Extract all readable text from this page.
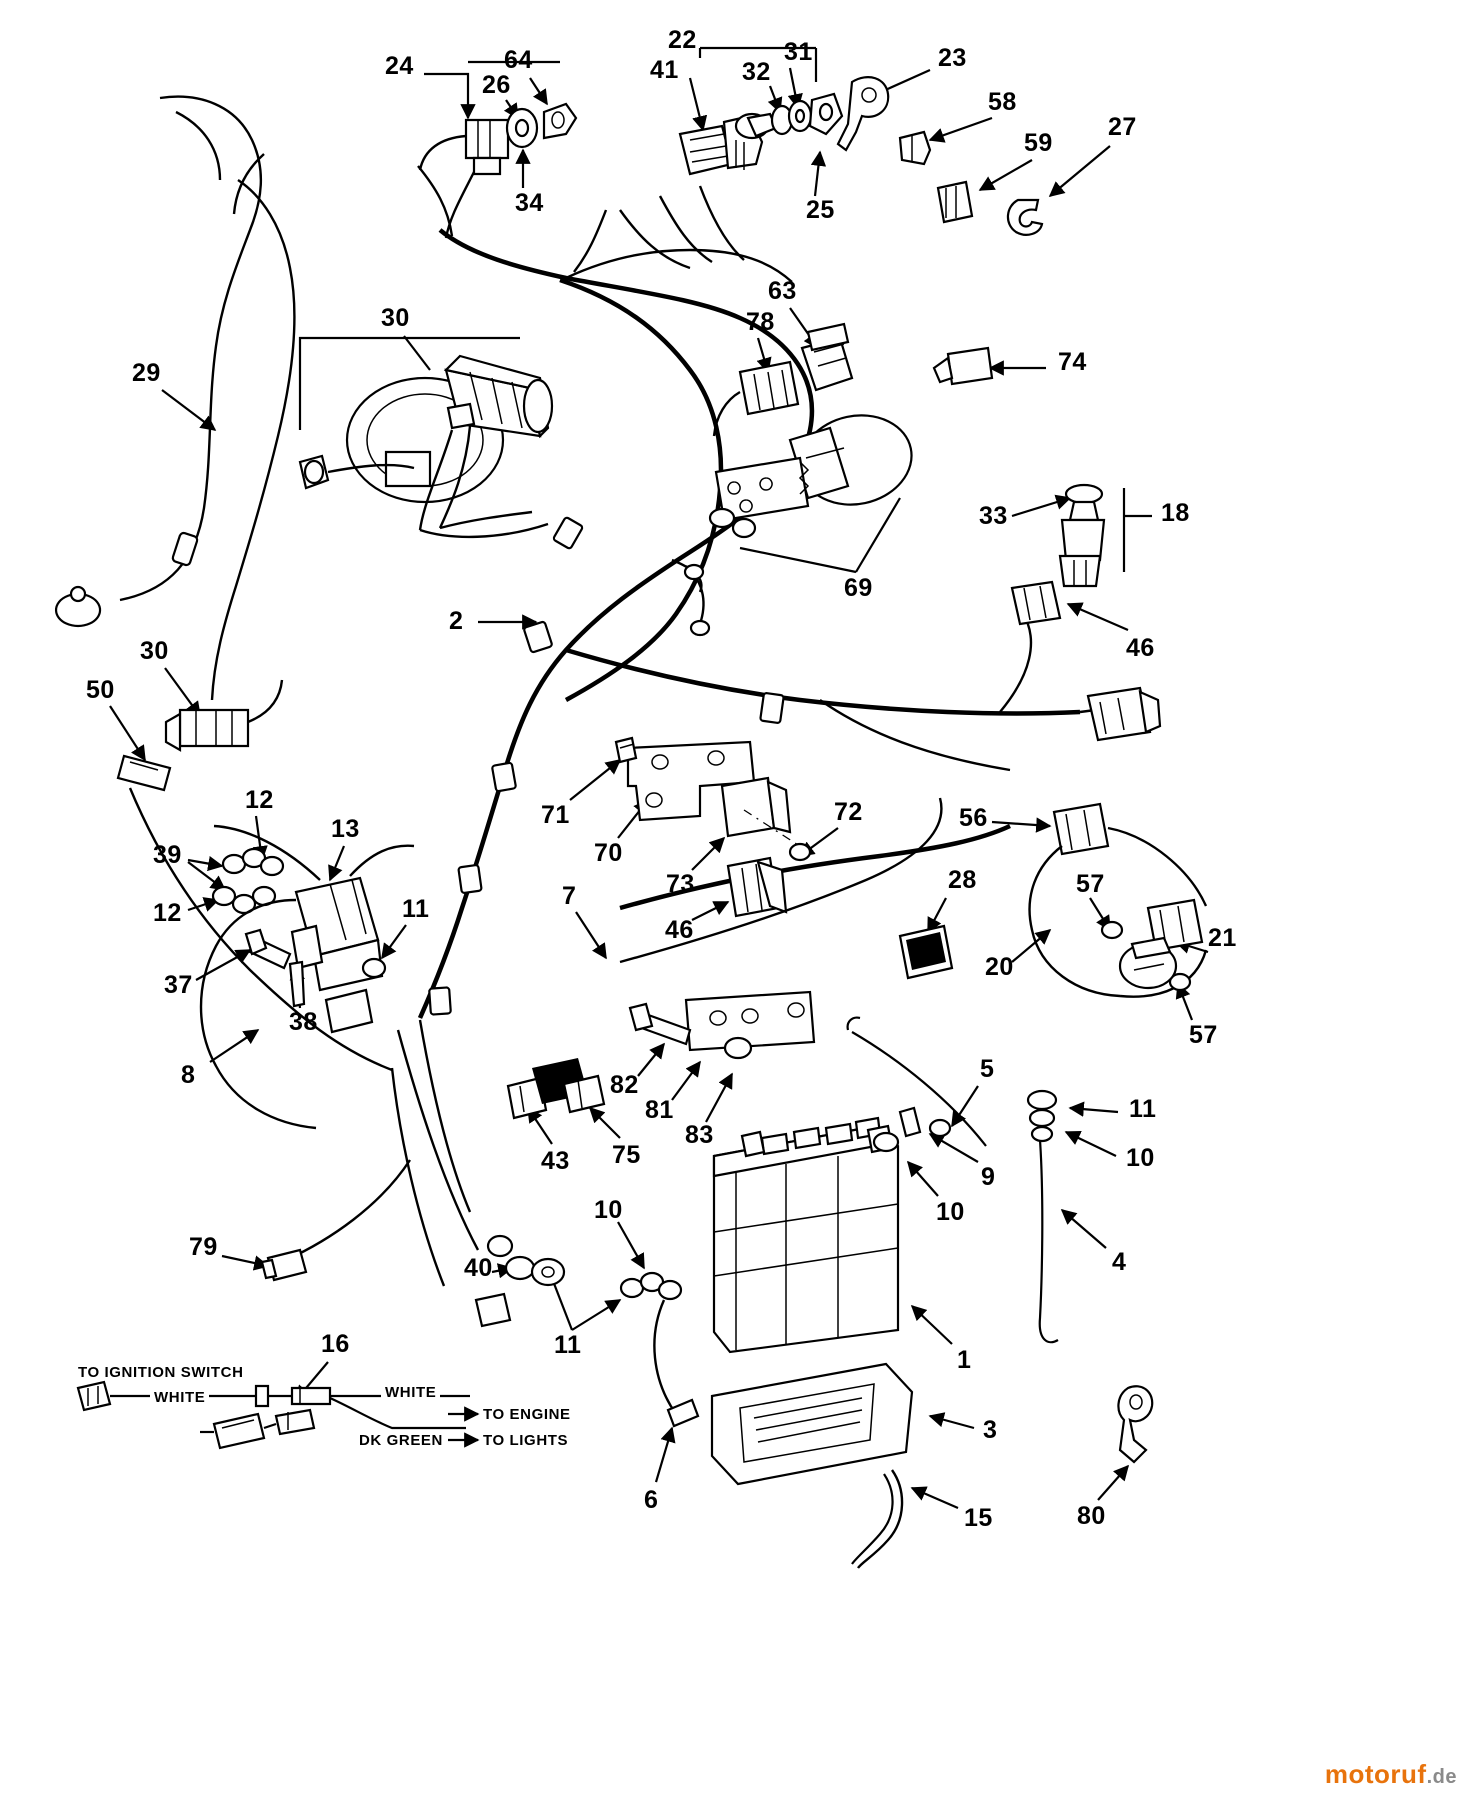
24	64
26
34
22	31
32
41	23
25
58
59
27
29
30
63
78
74
33	18
69
46
2
30
50
12
13
39
12
37
38
11
8
71
70
73
72
46
7
56
57
21
20
28
57
82
81
83
43 75
5
9
10
11
10
4
10
11
40
79
1
6
3
15	80
16
TO IGNITION SWITCH
WHITE	WHITE
TO ENGINE
DK GREEN	TO LIGHTS
motoruf.de
